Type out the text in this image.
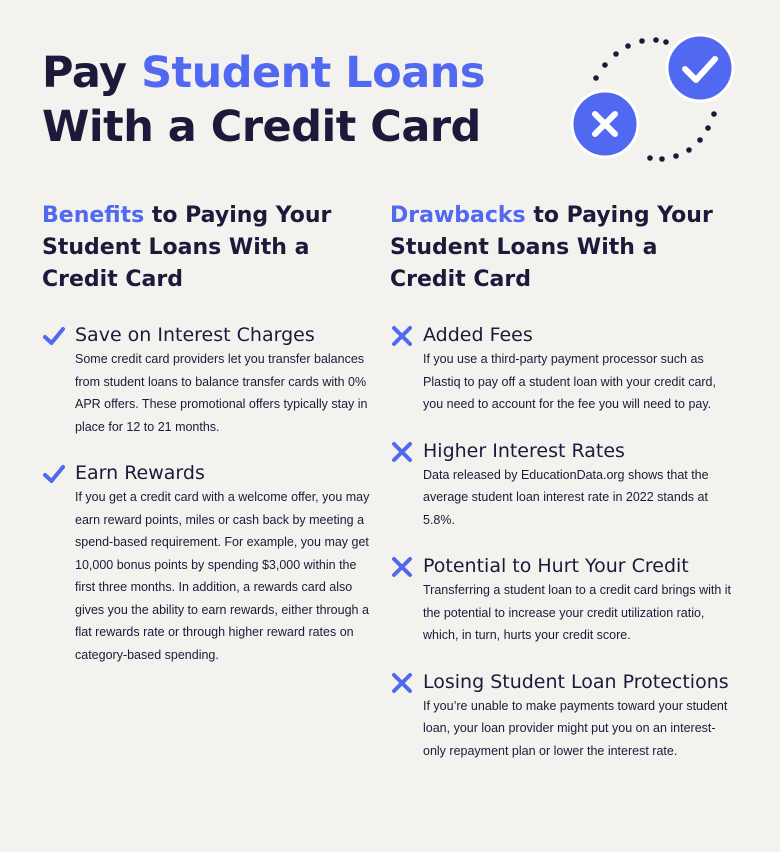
Pay Student Loans
With a Credit Card
Benefits to Paying Your Student Loans With a Credit Card

Save on Interest Charges

Some credit card providers let you transfer balances from student loans to balance transfer cards with 0% APR offers. These promotional offers typically stay in place for 12 to 21 months.

Earn Rewards

If you get a credit card with a welcome offer, you may earn reward points, miles or cash back by meeting a spend-based requirement. For example, you may get 10,000 bonus points by spending $3,000 within the first three months. In addition, a rewards card also gives you the ability to earn rewards, either through a flat rewards rate or through higher reward rates on category-based spending.

Drawbacks to Paying Your Student Loans With a Credit Card

Added Fees

If you use a third-party payment processor such as Plastiq to pay off a student loan with your credit card, you need to account for the fee you will need to pay.

Higher Interest Rates

Data released by EducationData.org shows that the average student loan interest rate in 2022 stands at 5.8%.

Potential to Hurt Your Credit

Transferring a student loan to a credit card brings with it the potential to increase your credit utilization ratio, which, in turn, hurts your credit score.

Losing Student Loan Protections

If you’re unable to make payments toward your student loan, your loan provider might put you on an interest-only repayment plan or lower the interest rate.
